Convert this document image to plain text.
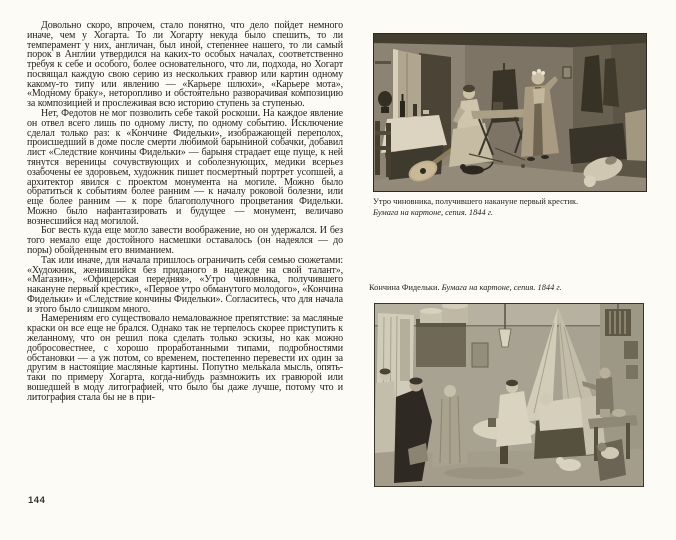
Довольно скоро, впрочем, стало понятно, что дело пойдет немного иначе, чем у Хогарта. То ли Хогарту некуда было спешить, то ли темперамент у них, англичан, был иной, степеннее нашего, то ли самый порок в Англии утвердился на каких-то особых началах, соответственно требуя к себе и особого, более основательного, что ли, подхода, но Хогарт посвящал каждую свою серию из нескольких гравюр или картин одному какому-то типу или явлению — «Карьере шлюхи», «Карьере мота», «Модному браку», неторопливо и обстоятельно разворачивая композицию за композицией и прослеживая всю историю ступень за ступенью.

Нет, Федотов не мог позволить себе такой роскоши. На каждое явление он отвел всего лишь по одному листу, по одному событию. Исключение сделал только раз: к «Кончине Фидельки», изображающей переполох, происшедший в доме после смерти любимой барыниной собачки, добавил лист «Следствие кончины Фидельки» — барыня страдает еще пуще, к ней тянутся вереницы сочувствующих и соболезнующих, медики всерьез озабочены ее здоровьем, художник пишет посмертный портрет усопшей, а архитектор явился с проектом монумента на могиле. Можно было обратиться к событиям более ранним — к началу роковой болезни, или еще более ранним — к поре благополучного процветания Фидельки. Можно было нафантазировать и будущее — монумент, величаво вознесшийся над могилой.

Бог весть куда еще могло завести воображение, но он удержался. И без того немало еще достойного насмешки оставалось (он надеялся — до поры) обойденным его вниманием.

Так или иначе, для начала пришлось ограничить себя семью сюжетами: «Художник, женившийся без приданого в надежде на свой талант», «Магазин», «Офицерская передняя», «Утро чиновника, получившего накануне первый крестик», «Первое утро обманутого молодого», «Кончина Фидельки» и «Следствие кончины Фидельки». Согласитесь, что для начала и этого было слишком много.

Намерениям его существовало немаловажное препятствие: за масляные краски он все еще не брался. Однако так не терпелось скорее приступить к желанному, что он решил пока сделать только эскизы, но как можно добросовестнее, с хорошо проработанными типами, подробностями обстановки — а уж потом, со временем, постепенно перевести их один за другим в настоящие масляные картины. Попутно мелькала мысль, опять-таки по примеру Хогарта, когда-нибудь размножить их гравюрой или вошедшей в моду литографией, что было бы даже лучше, потому что и литография стала бы не в при-

144
Утро чиновника, получившего накануне первый крестик.
Бумага на картоне, сепия. 1844 г.
Кончина Фидельки. Бумага на картоне, сепия. 1844 г.
